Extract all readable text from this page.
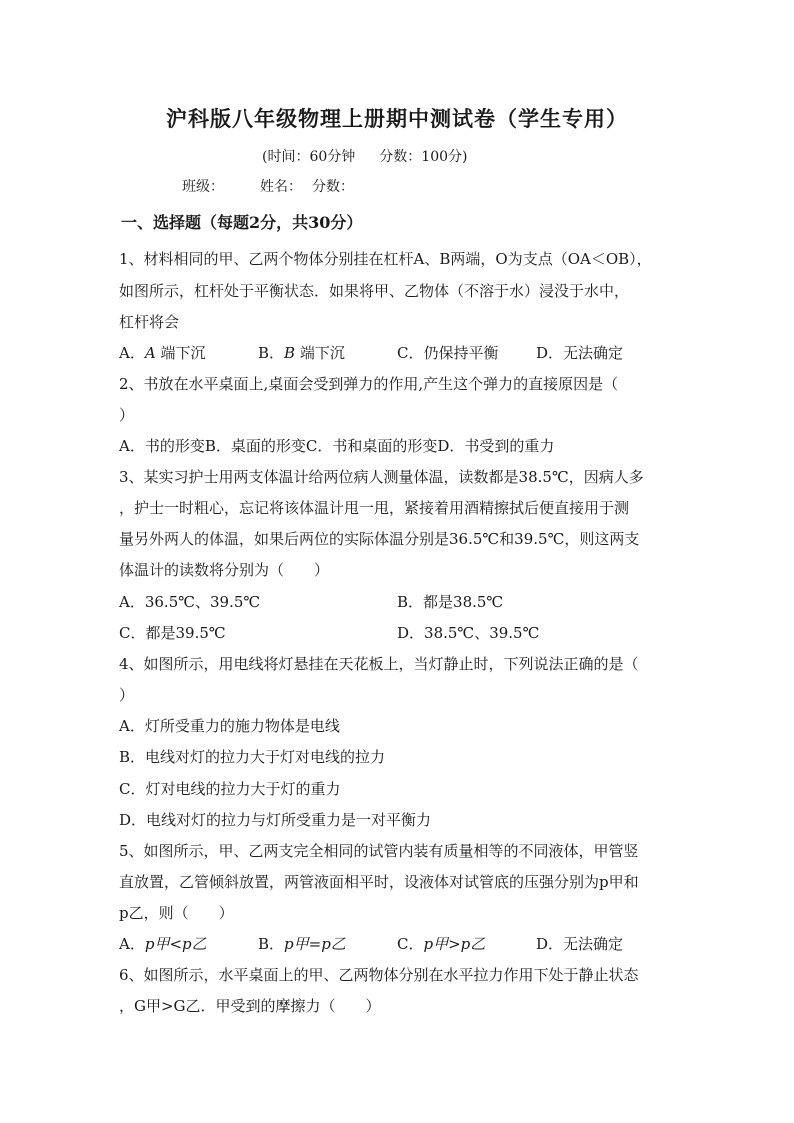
沪科版八年级物理上册期中测试卷（学生专用）
(时间：60分钟 分数：100分)
班级：	姓名： 分数：
一、选择题（每题2分，共30分）
1、材料相同的甲、乙两个物体分别挂在杠杆A、B两端，O为支点（OA＜OB），
如图所示，杠杆处于平衡状态．如果将甲、乙物体（不溶于水）浸没于水中，
杠杆将会
A．A 端下沉	B．B 端下沉	C．仍保持平衡	D．无法确定
2、书放在水平桌面上,桌面会受到弹力的作用,产生这个弹力的直接原因是（
）
A．书的形变B．桌面的形变C．书和桌面的形变D．书受到的重力
3、某实习护士用两支体温计给两位病人测量体温，读数都是38.5℃，因病人多
，护士一时粗心，忘记将该体温计甩一甩，紧接着用酒精擦拭后便直接用于测
量另外两人的体温，如果后两位的实际体温分别是36.5℃和39.5℃，则这两支
体温计的读数将分别为（　　）
A．36.5℃、39.5℃	B．都是38.5℃
C．都是39.5℃	D．38.5℃、39.5℃
4、如图所示，用电线将灯悬挂在天花板上，当灯静止时，下列说法正确的是（
）
A．灯所受重力的施力物体是电线
B．电线对灯的拉力大于灯对电线的拉力
C．灯对电线的拉力大于灯的重力
D．电线对灯的拉力与灯所受重力是一对平衡力
5、如图所示，甲、乙两支完全相同的试管内装有质量相等的不同液体，甲管竖
直放置，乙管倾斜放置，两管液面相平时，设液体对试管底的压强分别为p甲和
p乙，则（　　）
A．p甲<p乙	B．p甲=p乙	C．p甲>p乙	D．无法确定
6、如图所示，水平桌面上的甲、乙两物体分别在水平拉力作用下处于静止状态
，G甲>G乙．甲受到的摩擦力（　　）
